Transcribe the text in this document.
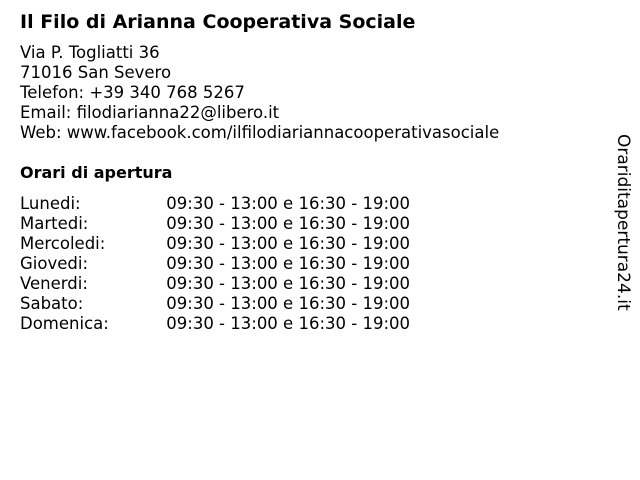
Il Filo di Arianna Cooperativa Sociale
Via P. Togliatti 36
71016 San Severo
Telefon: +39 340 768 5267
Email: filodiarianna22@libero.it
Web: www.facebook.com/ilfilodiariannacooperativasociale
Orari di apertura
Lunedi:	09:30 - 13:00 e 16:30 - 19:00
Martedi:	09:30 - 13:00 e 16:30 - 19:00
Mercoledi:	09:30 - 13:00 e 16:30 - 19:00
Giovedi:	09:30 - 13:00 e 16:30 - 19:00
Venerdi:	09:30 - 13:00 e 16:30 - 19:00
Sabato:	09:30 - 13:00 e 16:30 - 19:00
Domenica:	09:30 - 13:00 e 16:30 - 19:00
Orariditapertura24.it
